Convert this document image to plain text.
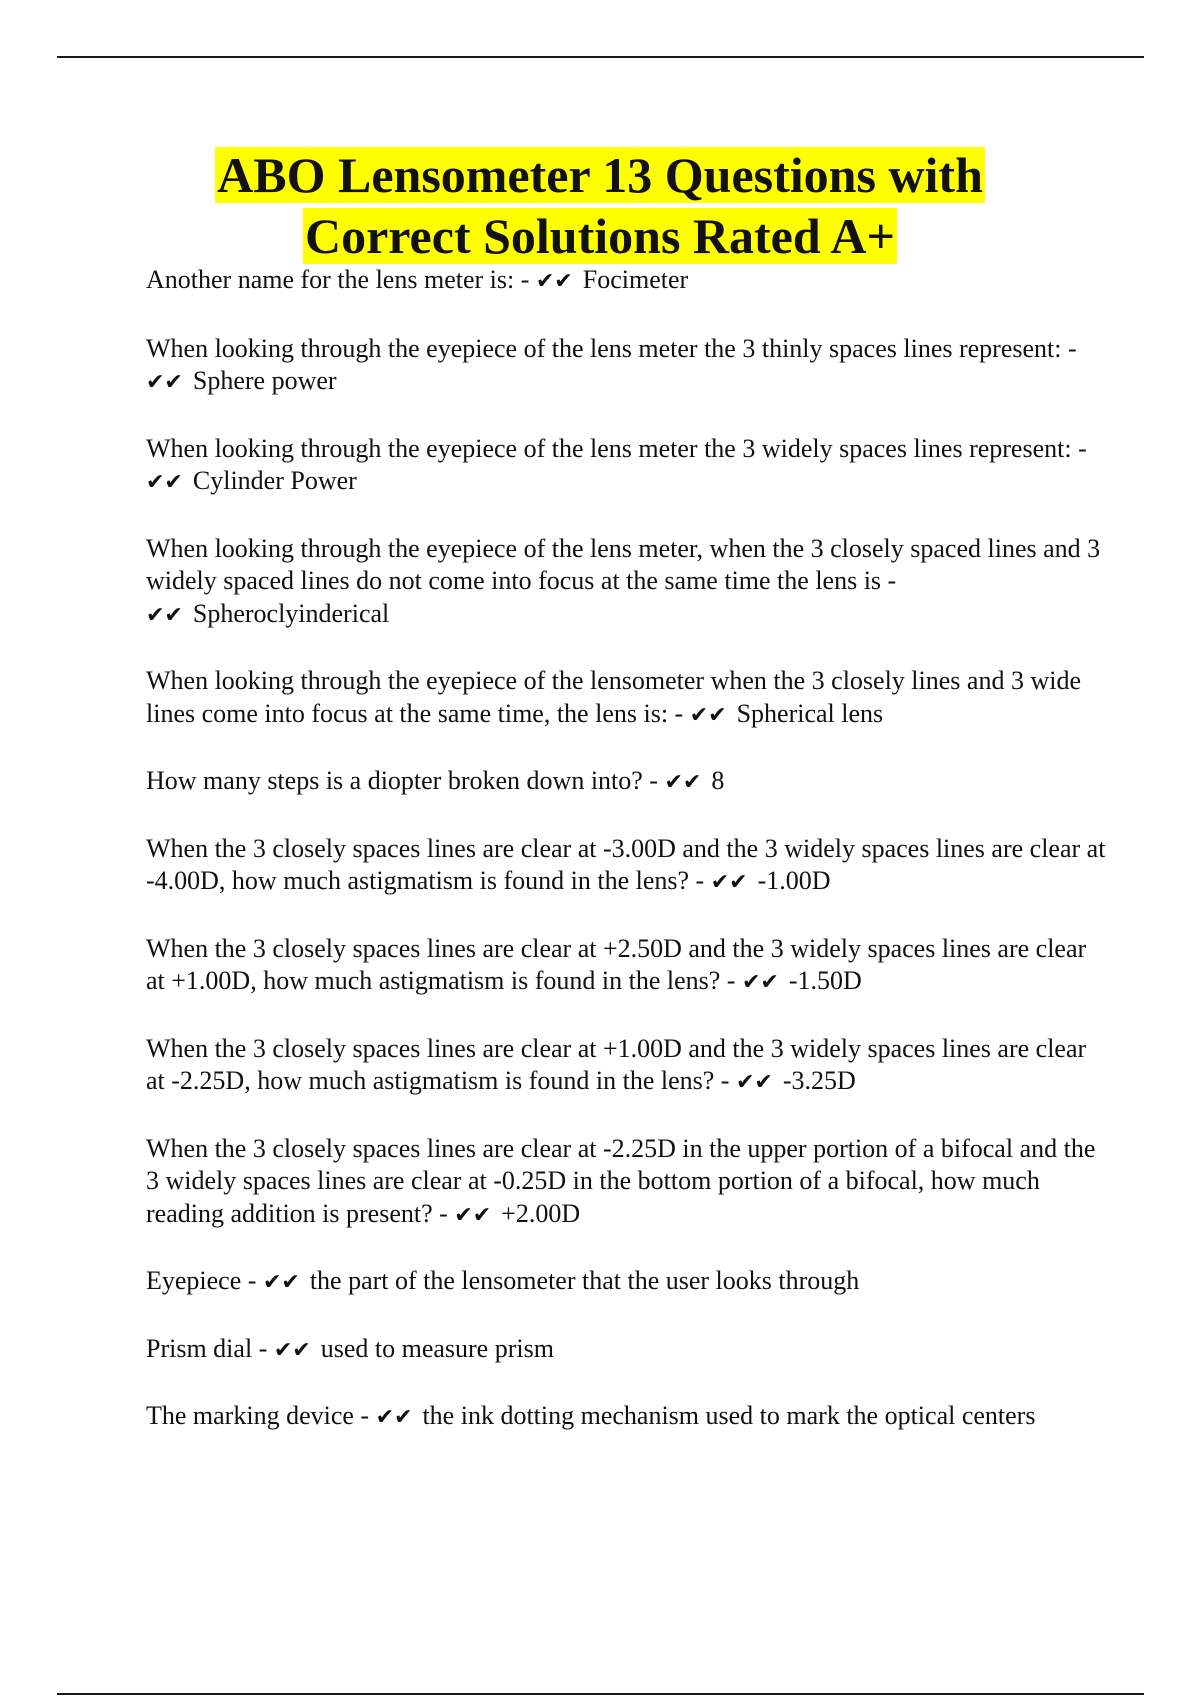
ABO Lensometer 13 Questions with
Correct Solutions Rated A+
Another name for the lens meter is: - ✔✔ Focimeter
When looking through the eyepiece of the lens meter the 3 thinly spaces lines represent: - ✔✔ Sphere power
When looking through the eyepiece of the lens meter the 3 widely spaces lines represent: - ✔✔ Cylinder Power
When looking through the eyepiece of the lens meter, when the 3 closely spaced lines and 3 widely spaced lines do not come into focus at the same time the lens is - ✔✔ Spheroclyinderical
When looking through the eyepiece of the lensometer when the 3 closely lines and 3 wide lines come into focus at the same time, the lens is: - ✔✔ Spherical lens
How many steps is a diopter broken down into? - ✔✔ 8
When the 3 closely spaces lines are clear at -3.00D and the 3 widely spaces lines are clear at -4.00D, how much astigmatism is found in the lens? - ✔✔ -1.00D
When the 3 closely spaces lines are clear at +2.50D and the 3 widely spaces lines are clear at +1.00D, how much astigmatism is found in the lens? - ✔✔ -1.50D
When the 3 closely spaces lines are clear at +1.00D and the 3 widely spaces lines are clear at -2.25D, how much astigmatism is found in the lens? - ✔✔ -3.25D
When the 3 closely spaces lines are clear at -2.25D in the upper portion of a bifocal and the 3 widely spaces lines are clear at -0.25D in the bottom portion of a bifocal, how much reading addition is present? - ✔✔ +2.00D
Eyepiece - ✔✔ the part of the lensometer that the user looks through
Prism dial - ✔✔ used to measure prism
The marking device - ✔✔ the ink dotting mechanism used to mark the optical centers
